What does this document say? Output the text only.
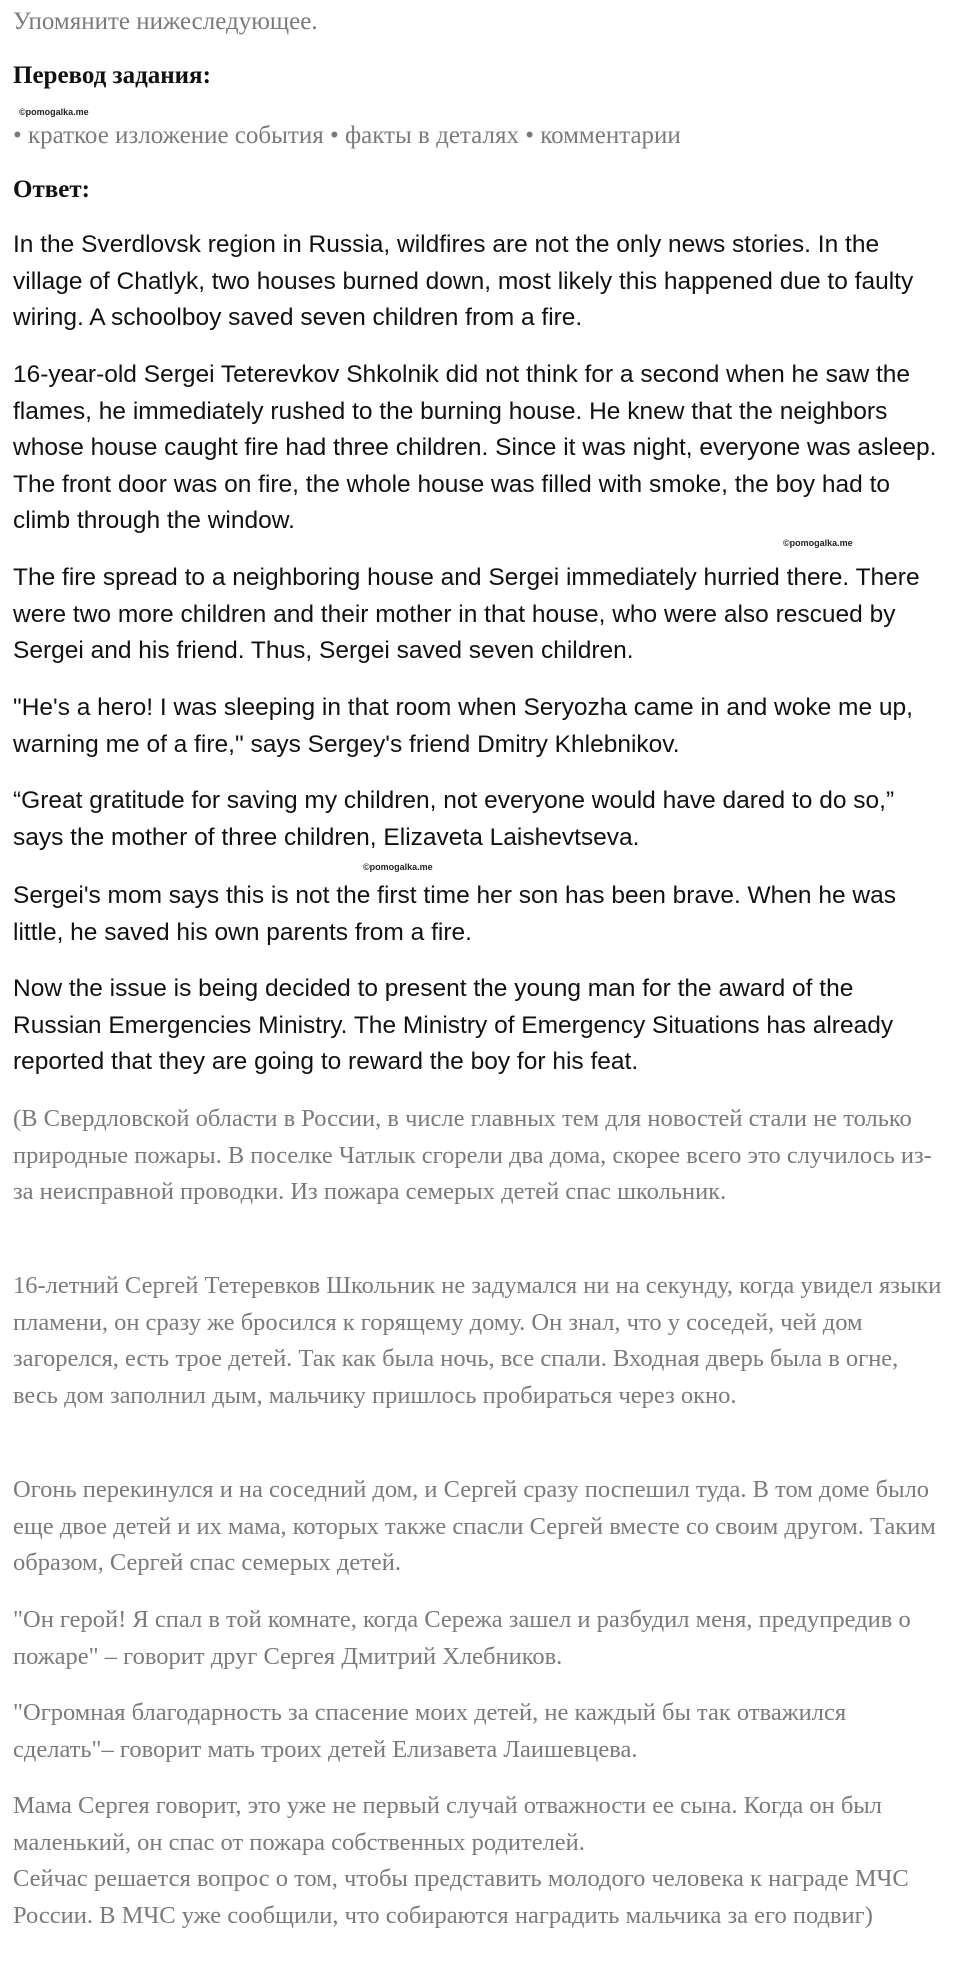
Упомяните нижеследующее.

Перевод задания:
©pomogalka.me

• краткое изложение события • факты в деталях • комментарии

Ответ:

In the Sverdlovsk region in Russia, wildfires are not the only news stories. In the village of Chatlyk, two houses burned down, most likely this happened due to faulty wiring. A schoolboy saved seven children from a fire.

16-year-old Sergei Teterevkov Shkolnik did not think for a second when he saw the flames, he immediately rushed to the burning house. He knew that the neighbors whose house caught fire had three children. Since it was night, everyone was asleep. The front door was on fire, the whole house was filled with smoke, the boy had to climb through the window.

©pomogalka.me

The fire spread to a neighboring house and Sergei immediately hurried there. There were two more children and their mother in that house, who were also rescued by Sergei and his friend. Thus, Sergei saved seven children.

"He's a hero! I was sleeping in that room when Seryozha came in and woke me up, warning me of a fire," says Sergey's friend Dmitry Khlebnikov.

“Great gratitude for saving my children, not everyone would have dared to do so,” says the mother of three children, Elizaveta Laishevtseva.

©pomogalka.me

Sergei's mom says this is not the first time her son has been brave. When he was little, he saved his own parents from a fire.

Now the issue is being decided to present the young man for the award of the Russian Emergencies Ministry. The Ministry of Emergency Situations has already reported that they are going to reward the boy for his feat.

(В Свердловской области в России, в числе главных тем для новостей стали не только природные пожары. В поселке Чатлык сгорели два дома, скорее всего это случилось из-за неисправной проводки. Из пожара семерых детей спас школьник.

16-летний Сергей Тетеревков Школьник не задумался ни на секунду, когда увидел языки пламени, он сразу же бросился к горящему дому. Он знал, что у соседей, чей дом загорелся, есть трое детей. Так как была ночь, все спали. Входная дверь была в огне, весь дом заполнил дым, мальчику пришлось пробираться через окно.

Огонь перекинулся и на соседний дом, и Сергей сразу поспешил туда. В том доме было еще двое детей и их мама, которых также спасли Сергей вместе со своим другом. Таким образом, Сергей спас семерых детей.

"Он герой! Я спал в той комнате, когда Сережа зашел и разбудил меня, предупредив о пожаре" – говорит друг Сергея Дмитрий Хлебников.

"Огромная благодарность за спасение моих детей, не каждый бы так отважился сделать"– говорит мать троих детей Елизавета Лаишевцева.

Мама Сергея говорит, это уже не первый случай отважности ее сына. Когда он был маленький, он спас от пожара собственных родителей.

Сейчас решается вопрос о том, чтобы представить молодого человека к награде МЧС России. В МЧС уже сообщили, что собираются наградить мальчика за его подвиг)
